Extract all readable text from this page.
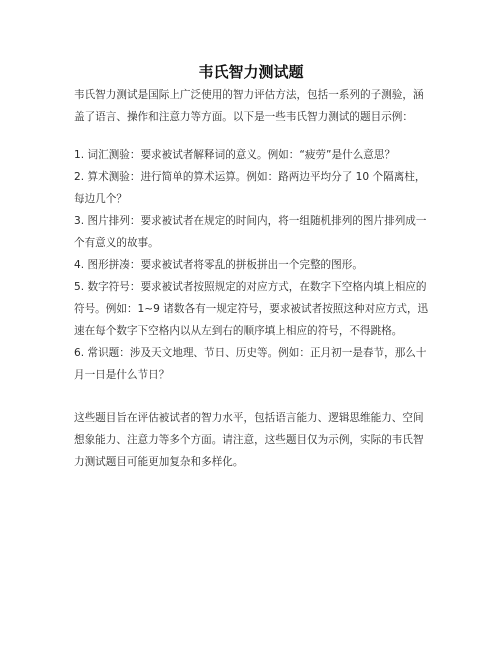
韦氏智力测试题

韦氏智力测试是国际上广泛使用的智力评估方法，包括一系列的子测验，涵盖了语言、操作和注意力等方面。以下是一些韦氏智力测试的题目示例：

1. 词汇测验：要求被试者解释词的意义。例如：“疲劳”是什么意思？

2. 算术测验：进行简单的算术运算。例如：路两边平均分了 10 个隔离柱，每边几个？

3. 图片排列：要求被试者在规定的时间内，将一组随机排列的图片排列成一个有意义的故事。

4. 图形拼凑：要求被试者将零乱的拼板拼出一个完整的图形。

5. 数字符号：要求被试者按照规定的对应方式，在数字下空格内填上相应的符号。例如：1~9 诸数各有一规定符号，要求被试者按照这种对应方式，迅速在每个数字下空格内以从左到右的顺序填上相应的符号，不得跳格。

6. 常识题：涉及天文地理、节日、历史等。例如：正月初一是春节，那么十月一日是什么节日？

这些题目旨在评估被试者的智力水平，包括语言能力、逻辑思维能力、空间想象能力、注意力等多个方面。请注意，这些题目仅为示例，实际的韦氏智力测试题目可能更加复杂和多样化。
